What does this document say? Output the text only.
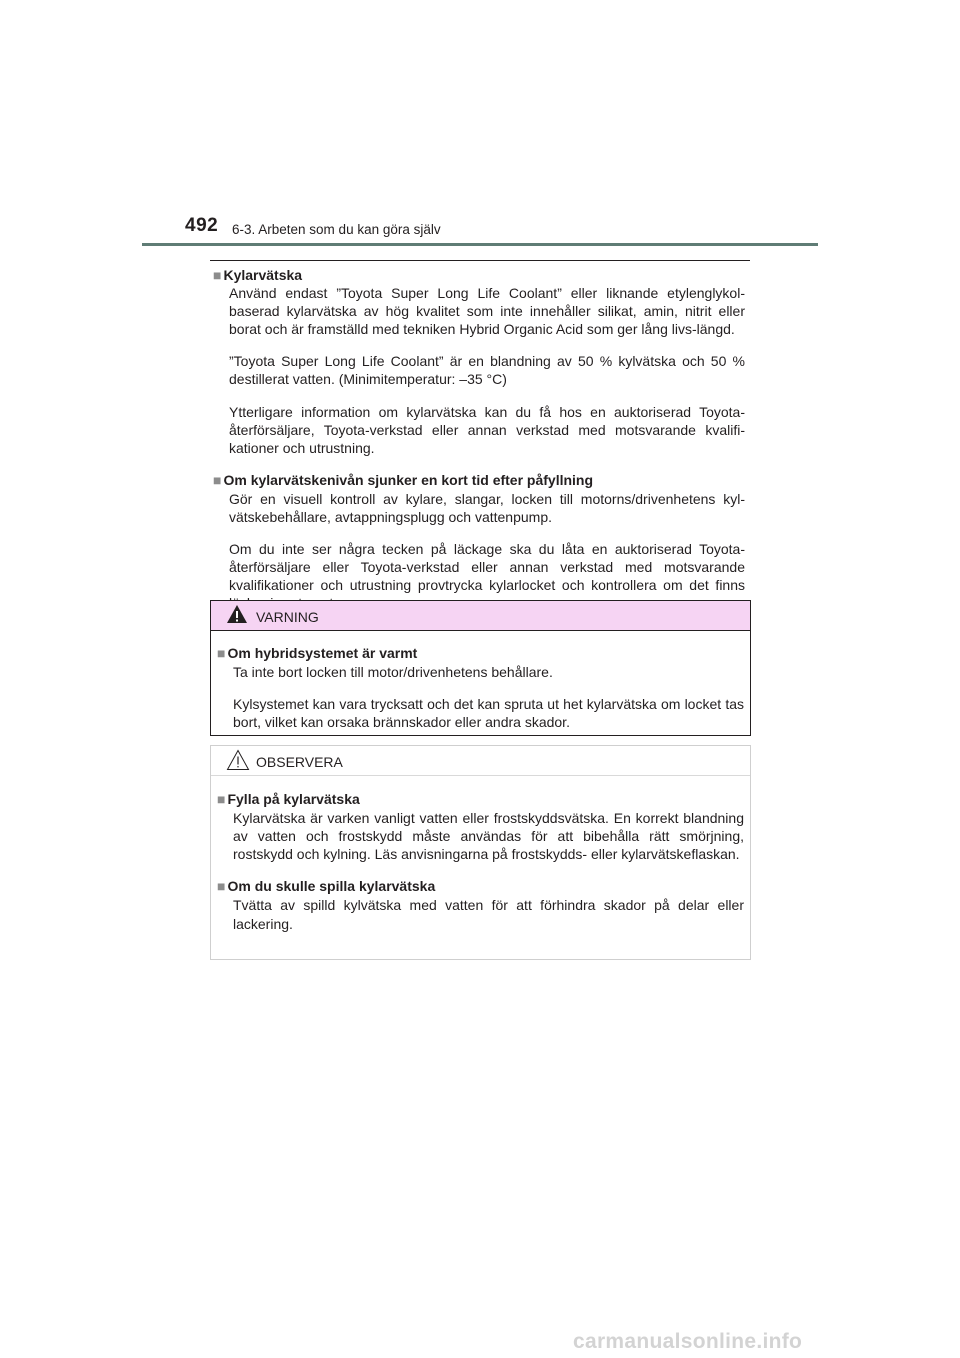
492 6-3. Arbeten som du kan göra själv
■ Kylarvätska

Använd endast ”Toyota Super Long Life Coolant” eller liknande etylenglykol-baserad kylarvätska av hög kvalitet som inte innehåller silikat, amin, nitrit eller borat och är framställd med tekniken Hybrid Organic Acid som ger lång livs-längd.

”Toyota Super Long Life Coolant” är en blandning av 50 % kylvätska och 50 % destillerat vatten. (Minimitemperatur: –35 °C)

Ytterligare information om kylarvätska kan du få hos en auktoriserad Toyota-återförsäljare, Toyota-verkstad eller annan verkstad med motsvarande kvalifi-kationer och utrustning.

■ Om kylarvätskenivån sjunker en kort tid efter påfyllning

Gör en visuell kontroll av kylare, slangar, locken till motorns/drivenhetens kyl-vätskebehållare, avtappningsplugg och vattenpump.

Om du inte ser några tecken på läckage ska du låta en auktoriserad Toyota-återförsäljare eller Toyota-verkstad eller annan verkstad med motsvarande kvalifikationer och utrustning provtrycka kylarlocket och kontrollera om det finns

VARNING
■ Om hybridsystemet är varmt

Ta inte bort locken till motor/drivenhetens behållare.

Kylsystemet kan vara trycksatt och det kan spruta ut het kylarvätska om locket tas bort, vilket kan orsaka brännskador eller andra skador.

OBSERVERA
■ Fylla på kylarvätska

Kylarvätska är varken vanligt vatten eller frostskyddsvätska. En korrekt blandning av vatten och frostskydd måste användas för att bibehålla rätt smörjning, rostskydd och kylning. Läs anvisningarna på frostskydds- eller kylarvätskeflaskan.

■ Om du skulle spilla kylarvätska

Tvätta av spilld kylvätska med vatten för att förhindra skador på delar eller lackering.

carmanualsonline.info
